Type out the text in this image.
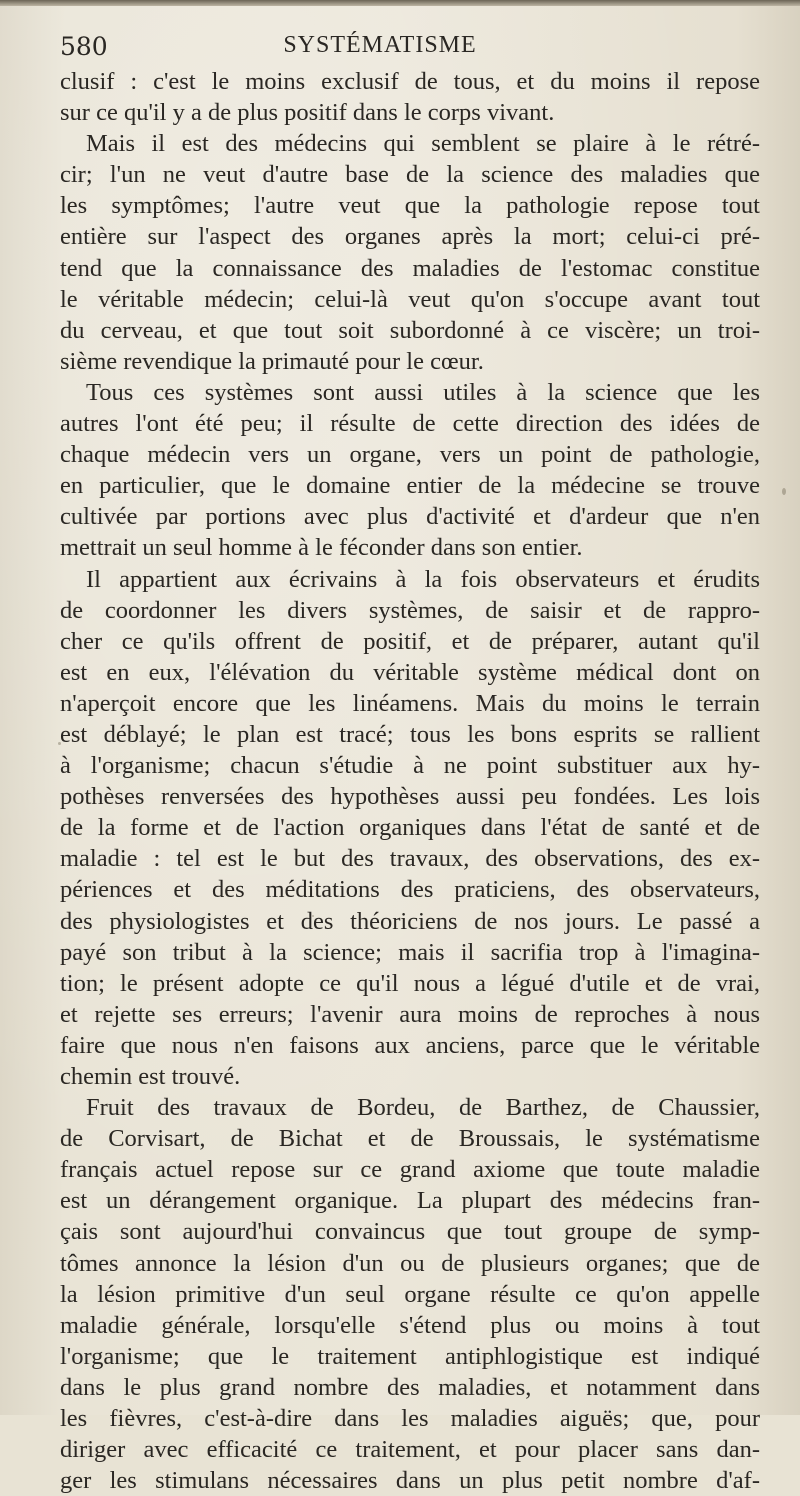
580	SYSTÉMATISME
clusif : c'est le moins exclusif de tous, et du moins il repose
sur ce qu'il y a de plus positif dans le corps vivant.
Mais il est des médecins qui semblent se plaire à le rétré-
cir; l'un ne veut d'autre base de la science des maladies que
les symptômes; l'autre veut que la pathologie repose tout
entière sur l'aspect des organes après la mort; celui-ci pré-
tend que la connaissance des maladies de l'estomac constitue
le véritable médecin; celui-là veut qu'on s'occupe avant tout
du cerveau, et que tout soit subordonné à ce viscère; un troi-
sième revendique la primauté pour le cœur.
Tous ces systèmes sont aussi utiles à la science que les
autres l'ont été peu; il résulte de cette direction des idées de
chaque médecin vers un organe, vers un point de pathologie,
en particulier, que le domaine entier de la médecine se trouve
cultivée par portions avec plus d'activité et d'ardeur que n'en
mettrait un seul homme à le féconder dans son entier.
Il appartient aux écrivains à la fois observateurs et érudits
de coordonner les divers systèmes, de saisir et de rappro-
cher ce qu'ils offrent de positif, et de préparer, autant qu'il
est en eux, l'élévation du véritable système médical dont on
n'aperçoit encore que les linéamens. Mais du moins le terrain
est déblayé; le plan est tracé; tous les bons esprits se rallient
à l'organisme; chacun s'étudie à ne point substituer aux hy-
pothèses renversées des hypothèses aussi peu fondées. Les lois
de la forme et de l'action organiques dans l'état de santé et de
maladie : tel est le but des travaux, des observations, des ex-
périences et des méditations des praticiens, des observateurs,
des physiologistes et des théoriciens de nos jours. Le passé a
payé son tribut à la science; mais il sacrifia trop à l'imagina-
tion; le présent adopte ce qu'il nous a légué d'utile et de vrai,
et rejette ses erreurs; l'avenir aura moins de reproches à nous
faire que nous n'en faisons aux anciens, parce que le véritable
chemin est trouvé.
Fruit des travaux de Bordeu, de Barthez, de Chaussier,
de Corvisart, de Bichat et de Broussais, le systématisme
français actuel repose sur ce grand axiome que toute maladie
est un dérangement organique. La plupart des médecins fran-
çais sont aujourd'hui convaincus que tout groupe de symp-
tômes annonce la lésion d'un ou de plusieurs organes; que de
la lésion primitive d'un seul organe résulte ce qu'on appelle
maladie générale, lorsqu'elle s'étend plus ou moins à tout
l'organisme; que le traitement antiphlogistique est indiqué
dans le plus grand nombre des maladies, et notamment dans
les fièvres, c'est-à-dire dans les maladies aiguës; que, pour
diriger avec efficacité ce traitement, et pour placer sans dan-
ger les stimulans nécessaires dans un plus petit nombre d'af-
